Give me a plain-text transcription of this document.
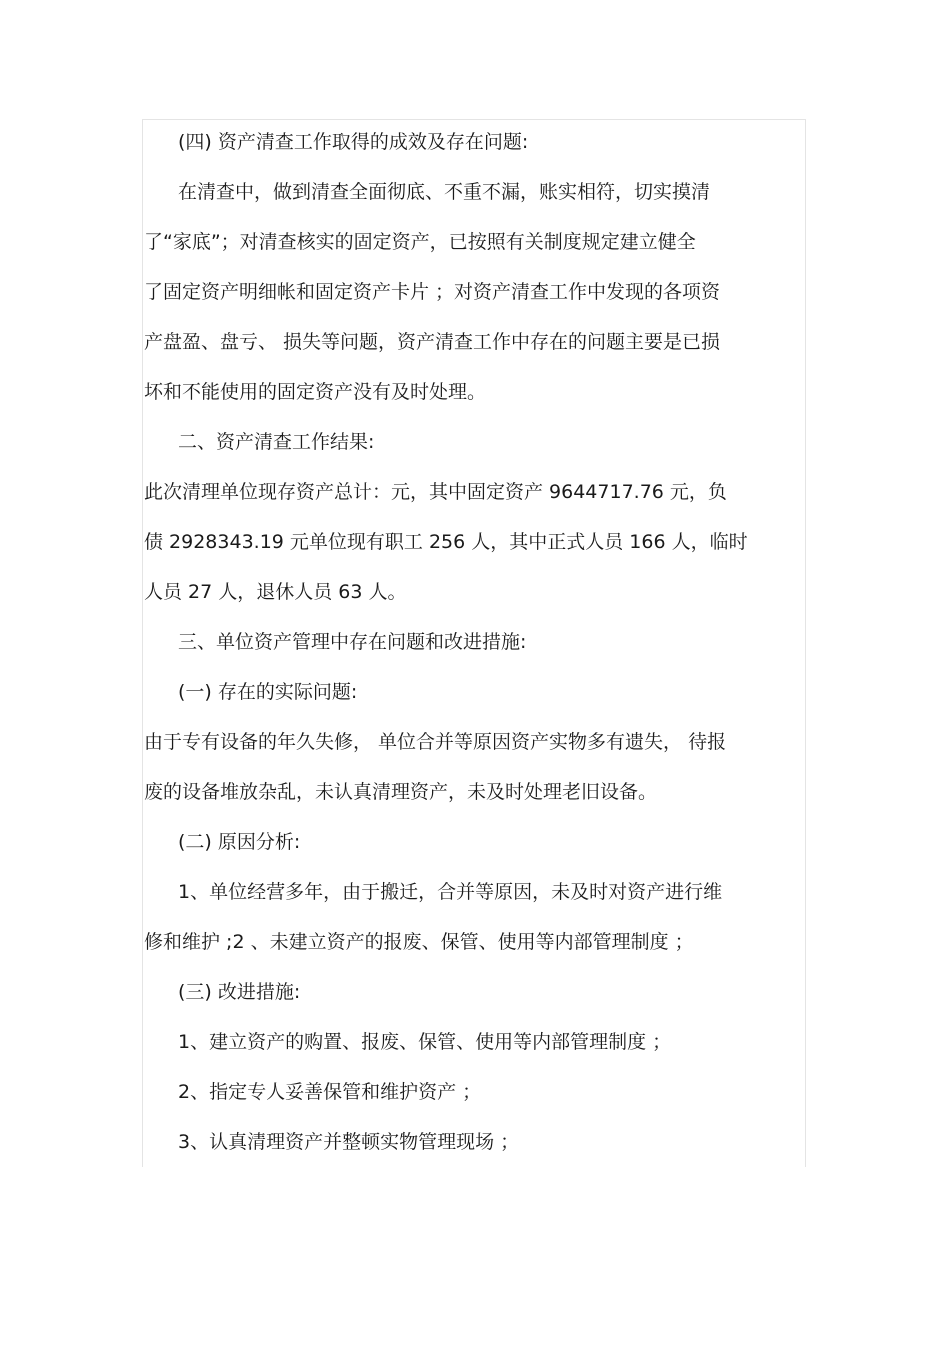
(四) 资产清查工作取得的成效及存在问题:
在清查中，做到清查全面彻底、不重不漏，账实相符，切实摸清
了“家底”；对清查核实的固定资产，已按照有关制度规定建立健全
了固定资产明细帐和固定资产卡片 ；对资产清查工作中发现的各项资
产盘盈、盘亏、 损失等问题，资产清查工作中存在的问题主要是已损
坏和不能使用的固定资产没有及时处理。
二、资产清查工作结果:
此次清理单位现存资产总计：元，其中固定资产 9644717.76 元，负
债 2928343.19 元单位现有职工 256 人，其中正式人员 166 人，临时
人员 27 人，退休人员 63 人。
三、单位资产管理中存在问题和改进措施:
(一) 存在的实际问题:
由于专有设备的年久失修， 单位合并等原因资产实物多有遗失， 待报
废的设备堆放杂乱，未认真清理资产，未及时处理老旧设备。
(二) 原因分析:
1、单位经营多年，由于搬迁，合并等原因，未及时对资产进行维
修和维护 ;2 、未建立资产的报废、保管、使用等内部管理制度 ；
(三) 改进措施:
1、建立资产的购置、报废、保管、使用等内部管理制度 ；
2、指定专人妥善保管和维护资产 ；
3、认真清理资产并整顿实物管理现场 ；
